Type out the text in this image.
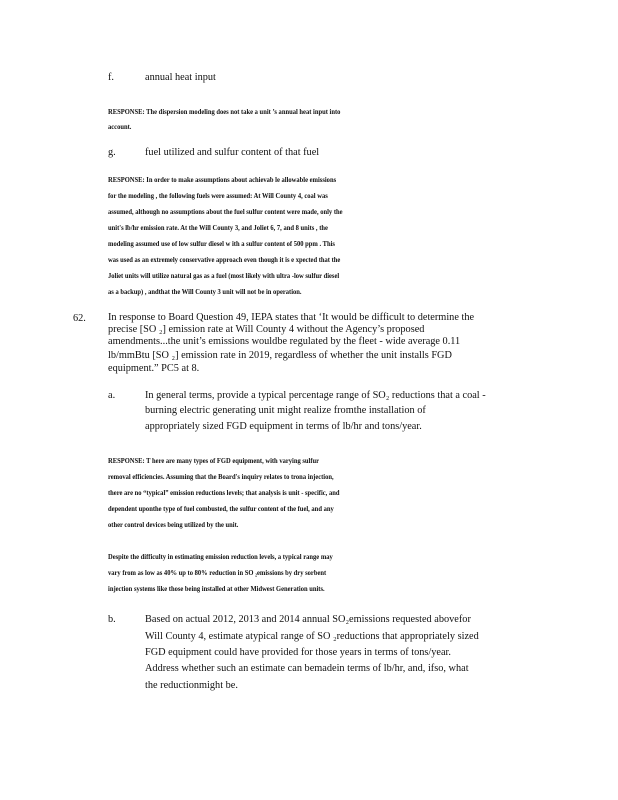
f.	annual heat input
RESPONSE: The dispersion modeling does not take a unit ’s annual heat input into
account.
g.	fuel utilized and sulfur content of that fuel
RESPONSE: In order to make assumptions about achievab le allowable emissions
for the modeling , the following fuels were assumed: At Will County 4, coal was
assumed, although no assumptions about the fuel sulfur content were made, only the
unit's lb/hr emission rate. At the Will County 3, and Joliet 6, 7, and 8 units , the
modeling assumed use of low sulfur diesel w ith a sulfur content of 500 ppm . This
was used as an extremely conservative approach even though it is e xpected that the
Joliet units will utilize natural gas as a fuel (most likely with ultra -low sulfur diesel
as a backup) , andthat the Will County 3 unit will not be in operation.
62. In response to Board Question 49, IEPA states that ‘It would be difficult to determine the
precise [SO ₂] emission rate at Will County 4 without the Agency’s proposed
amendments...the unit’s emissions wouldbe regulated by the fleet - wide average 0.11
lb/mmBtu [SO ₂] emission rate in 2019, regardless of whether the unit installs FGD
equipment.” PC5 at 8.
a.	In general terms, provide a typical percentage range of SO₂ reductions that a coal -
burning electric generating unit might realize fromthe installation of
appropriately sized FGD equipment in terms of lb/hr and tons/year.
RESPONSE: T here are many types of FGD equipment, with varying sulfur
removal efficiencies. Assuming that the Board's inquiry relates to trona injection,
there are no “typical” emission reductions levels; that analysis is unit - specific, and
dependent uponthe type of fuel combusted, the sulfur content of the fuel, and any
other control devices being utilized by the unit.
Despite the difficulty in estimating emission reduction levels, a typical range may
vary from as low as 40% up to 80% reduction in SO ₂emissions by dry sorbent
injection systems like those being installed at other Midwest Generation units.
b.	Based on actual 2012, 2013 and 2014 annual SO₂emissions requested abovefor
Will County 4, estimate atypical range of SO ₂reductions that appropriately sized
FGD equipment could have provided for those years in terms of tons/year.
Address whether such an estimate can bemadein terms of lb/hr, and, ifso, what
the reductionmight be.
